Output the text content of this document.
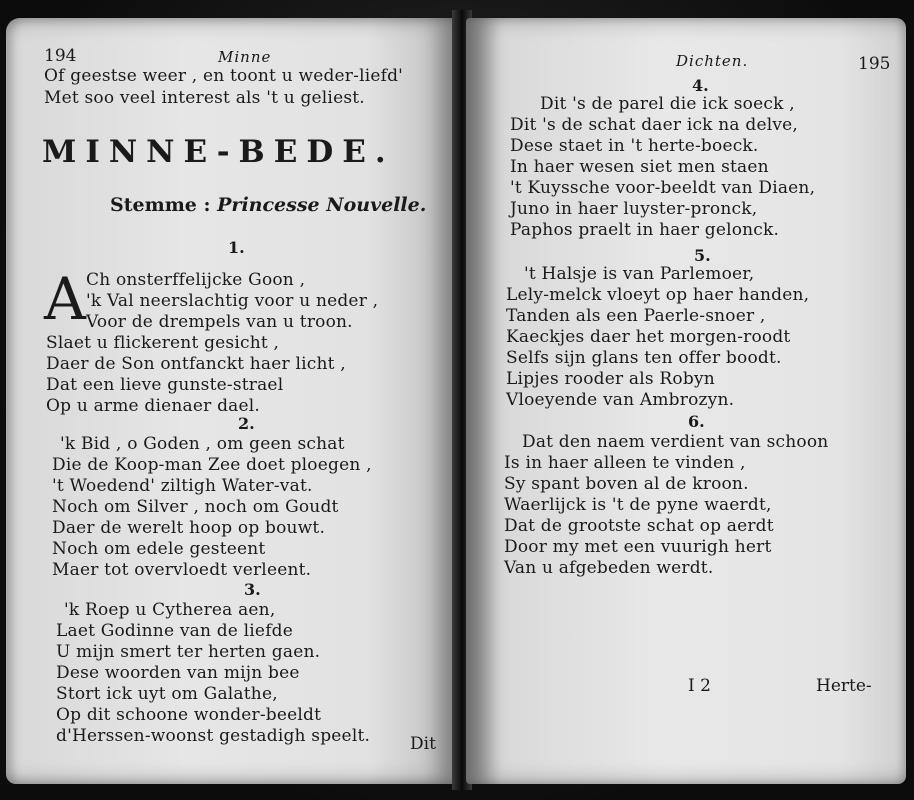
194	Minne
Of geestse weer , en toont u weder-liefd'
Met soo veel interest als 't u geliest.
MINNE-BEDE.
Stemme : Princesse Nouvelle.
1.
A Ch onsterffelijcke Goon ,
'k Val neerslachtig voor u neder ,
Voor de drempels van u troon.
Slaet u flickerent gesicht ,
Daer de Son ontfanckt haer licht ,
Dat een lieve gunste-strael
Op u arme dienaer dael.
2.
'k Bid , o Goden , om geen schat
Die de Koop-man Zee doet ploegen ,
't Woedend' ziltigh Water-vat.
Noch om Silver , noch om Goudt
Daer de werelt hoop op bouwt.
Noch om edele gesteent
Maer tot overvloedt verleent.
3.
'k Roep u Cytherea aen,
Laet Godinne van de liefde
U mijn smert ter herten gaen.
Dese woorden van mijn bee
Stort ick uyt om Galathe,
Op dit schoone wonder-beeldt
d'Herssen-woonst gestadigh speelt. Dit
Dichten.	195
4.
Dit 's de parel die ick soeck ,
Dit 's de schat daer ick na delve,
Dese staet in 't herte-boeck.
In haer wesen siet men staen
't Kuyssche voor-beeldt van Diaen,
Juno in haer luyster-pronck,
Paphos praelt in haer gelonck.
5.
't Halsje is van Parlemoer,
Lely-melck vloeyt op haer handen,
Tanden als een Paerle-snoer ,
Kaeckjes daer het morgen-roodt
Selfs sijn glans ten offer boodt.
Lipjes rooder als Robyn
Vloeyende van Ambrozyn.
6.
Dat den naem verdient van schoon
Is in haer alleen te vinden ,
Sy spant boven al de kroon.
Waerlijck is 't de pyne waerdt,
Dat de grootste schat op aerdt
Door my met een vuurigh hert
Van u afgebeden werdt.
I 2	Herte-
